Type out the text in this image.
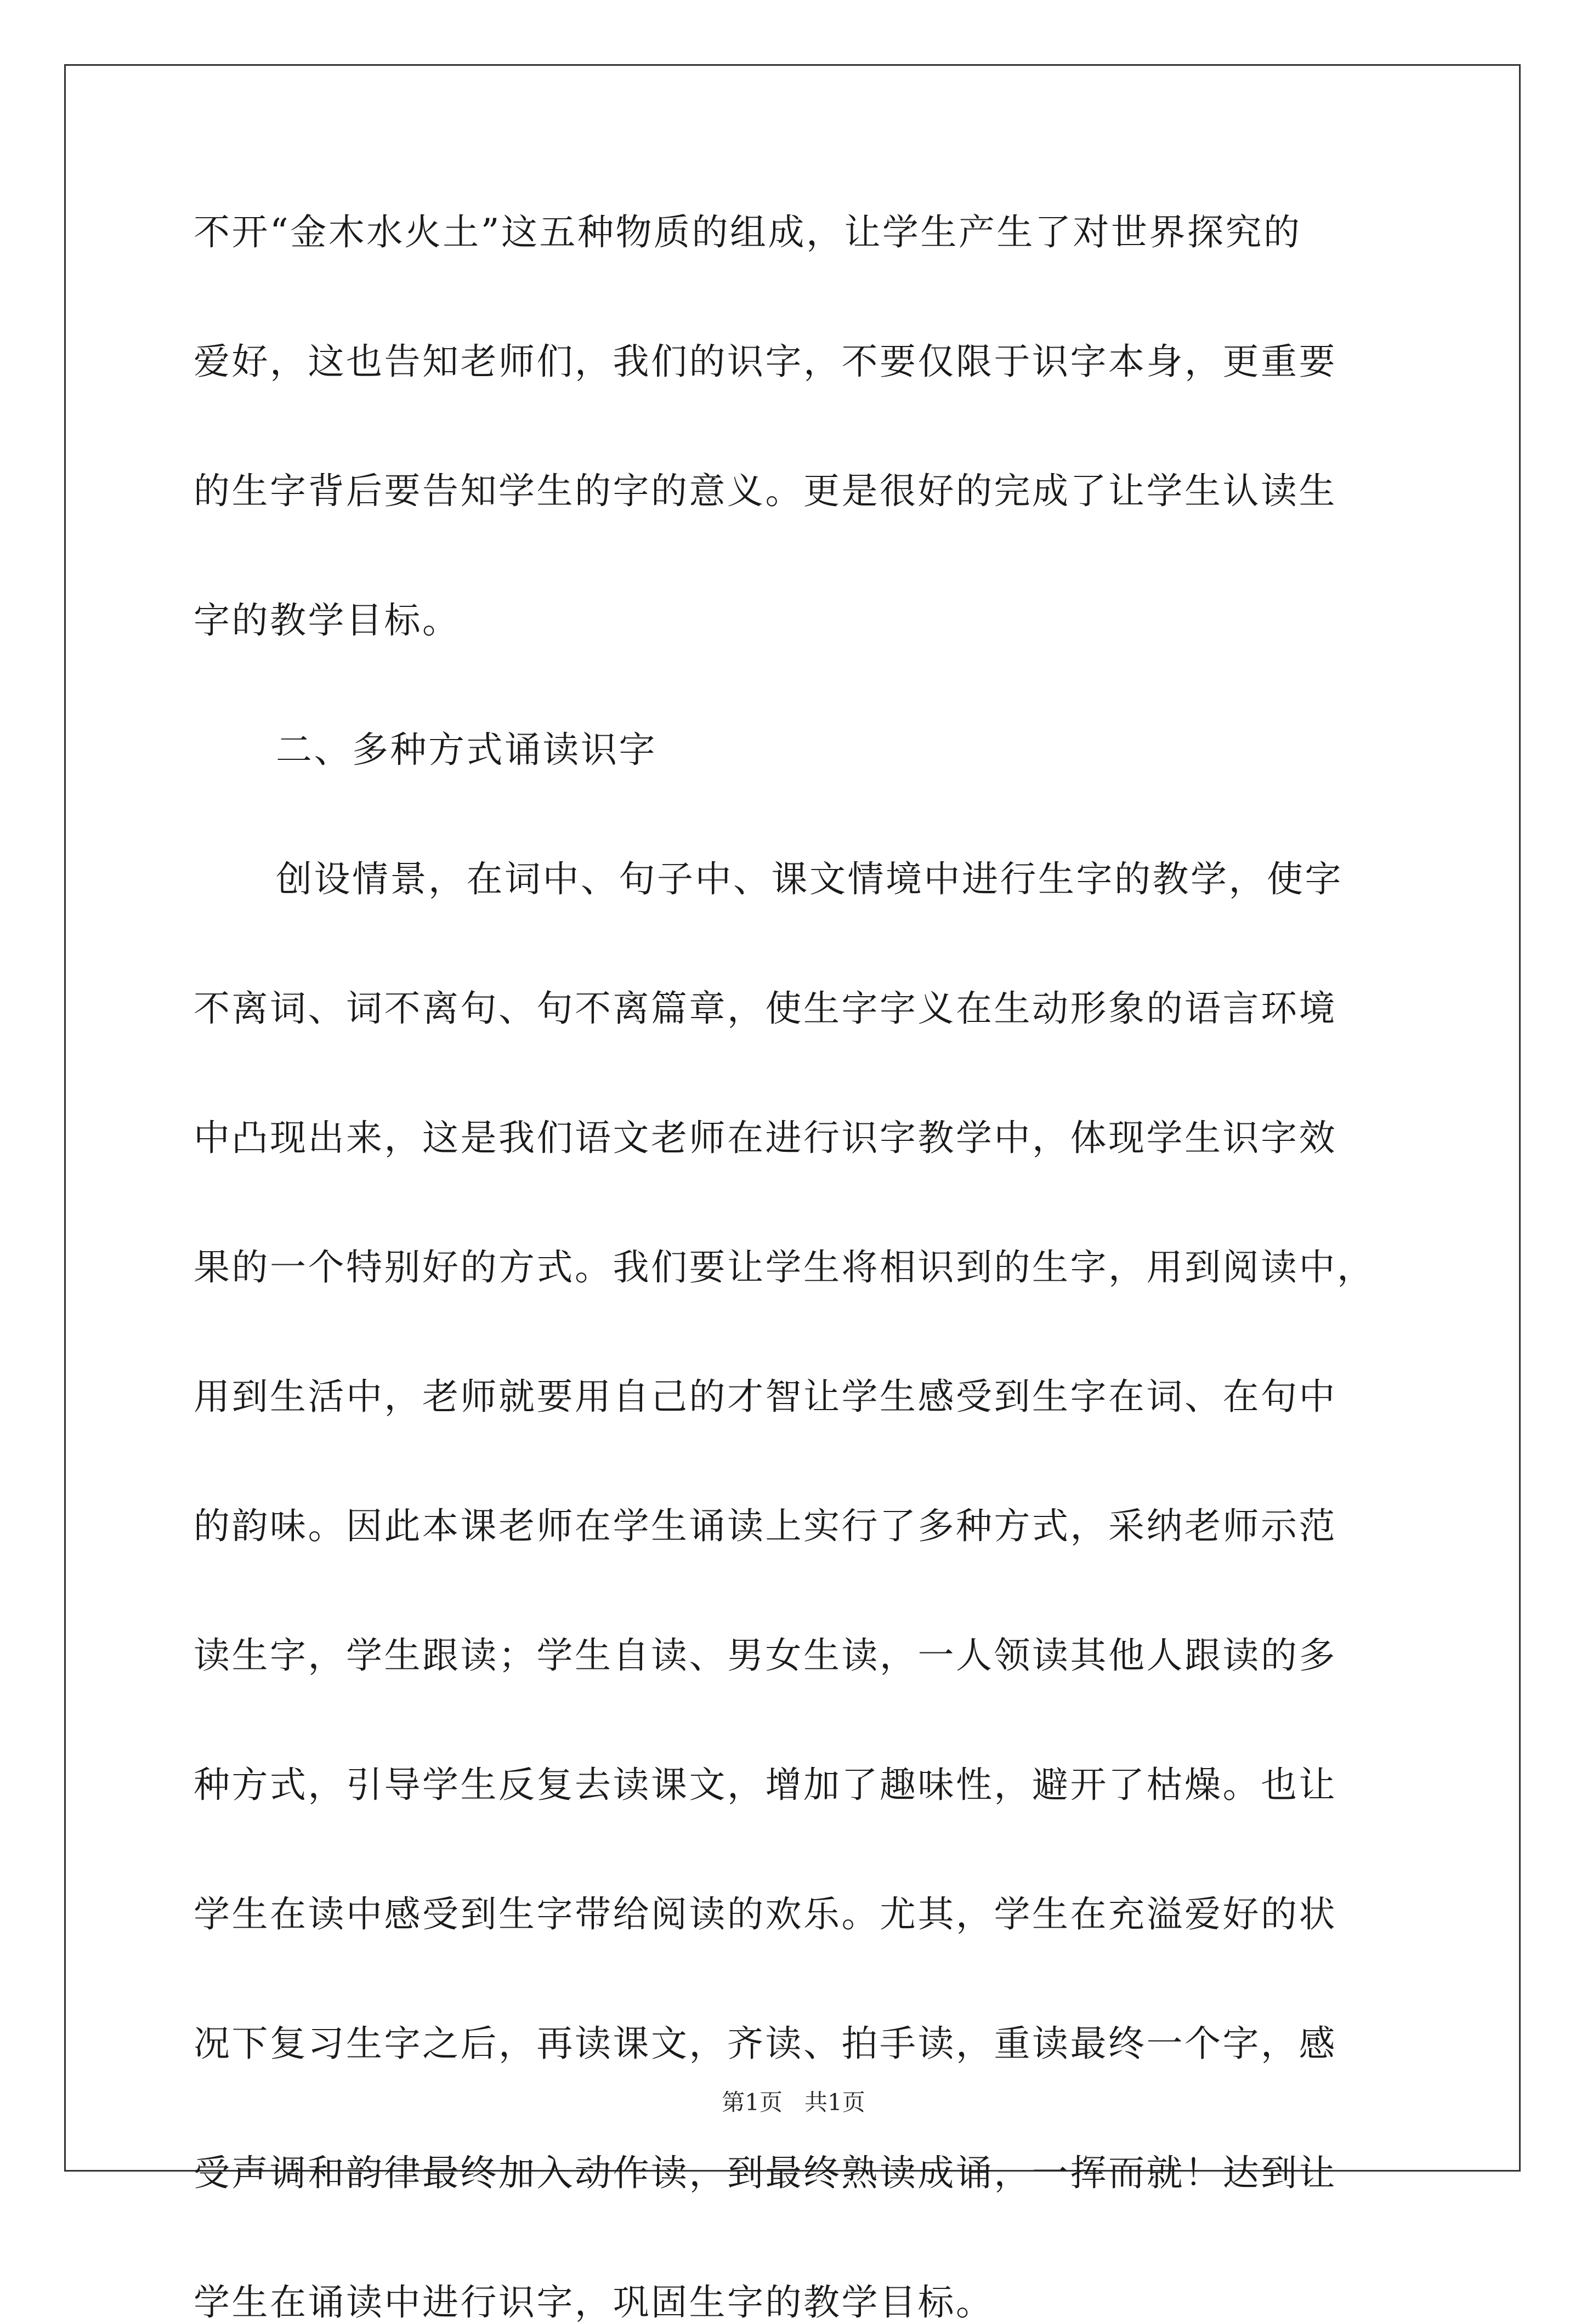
不开“金木水火土”这五种物质的组成，让学生产生了对世界探究的

爱好，这也告知老师们，我们的识字，不要仅限于识字本身，更重要

的生字背后要告知学生的字的意义。更是很好的完成了让学生认读生

字的教学目标。

二、多种方式诵读识字

创设情景，在词中、句子中、课文情境中进行生字的教学，使字

不离词、词不离句、句不离篇章，使生字字义在生动形象的语言环境

中凸现出来，这是我们语文老师在进行识字教学中，体现学生识字效

果的一个特别好的方式。我们要让学生将相识到的生字，用到阅读中，

用到生活中，老师就要用自己的才智让学生感受到生字在词、在句中

的韵味。因此本课老师在学生诵读上实行了多种方式，采纳老师示范

读生字，学生跟读；学生自读、男女生读，一人领读其他人跟读的多

种方式，引导学生反复去读课文，增加了趣味性，避开了枯燥。也让

学生在读中感受到生字带给阅读的欢乐。尤其，学生在充溢爱好的状

况下复习生字之后，再读课文，齐读、拍手读，重读最终一个字，感

受声调和韵律最终加入动作读，到最终熟读成诵，一挥而就！达到让

学生在诵读中进行识字，巩固生字的教学目标。

第1页 共1页
